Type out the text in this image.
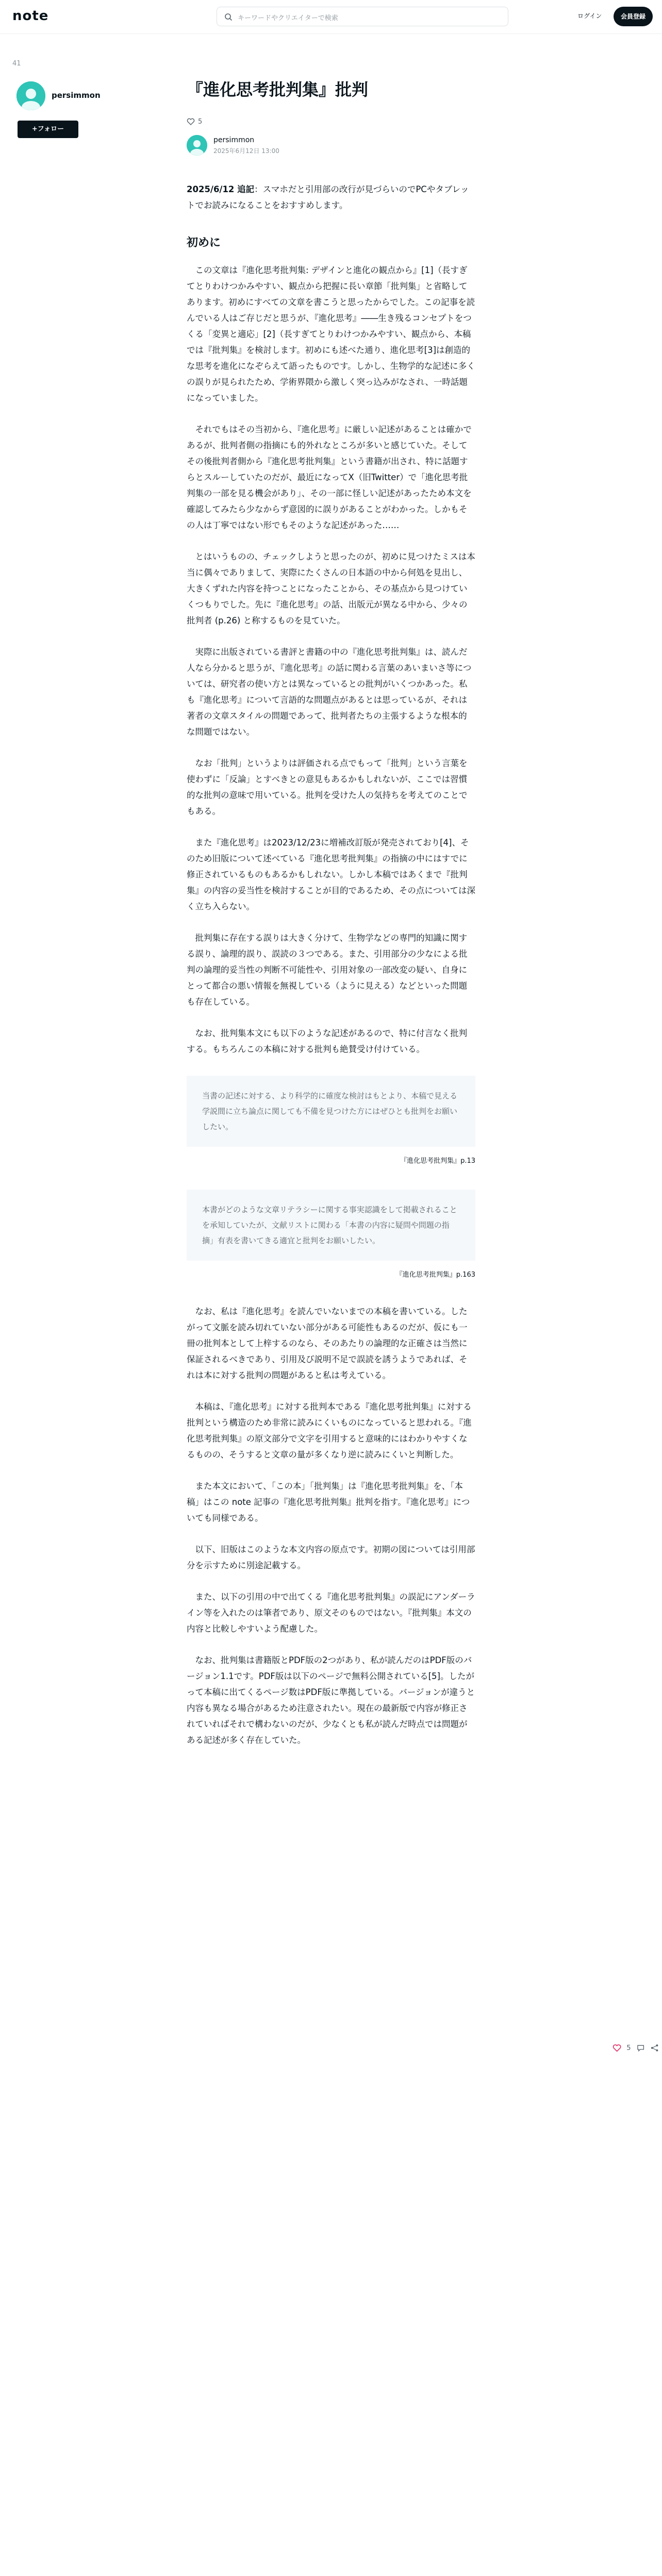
note	キーワードやクリエイターで検索	ログイン	会員登録
41
persimmon
+フォロー
『進化思考批判集』批判
5
persimmon
2025年6月12日 13:00

2025/6/12 追記：スマホだと引用部の改行が見づらいのでPCやタブレットでお読みになることをおすすめします。

初めに

この文章は『進化思考批判集: デザインと進化の観点から』[1]（長すぎてとりわけつかみやすい、観点から把握に長い章節「批判集」と省略してあります。初めにすべての文章を書こうと思ったからでした。この記事を読んでいる人はご存じだと思うが、『進化思考』――生き残るコンセプトをつくる「変異と適応」[2]（長すぎてとりわけつかみやすい、観点から、本稿では『批判集』を検討します。初めにも述べた通り、進化思考[3]は創造的な思考を進化になぞらえて語ったものです。しかし、生物学的な記述に多くの誤りが見られたため、学術界隈から激しく突っ込みがなされ、一時話題になっていました。

それでもはその当初から、『進化思考』に厳しい記述があることは確かであるが、批判者側の指摘にも的外れなところが多いと感じていた。そしてその後批判者側から『進化思考批判集』という書籍が出され、特に話題すらとスルーしていたのだが、最近になってX（旧Twitter）で「進化思考批判集の一部を見る機会があり」、その一部に怪しい記述があったため本文を確認してみたら少なからず意図的に誤りがあることがわかった。しかもその人は丁寧ではない形でもそのような記述があった……

とはいうものの、チェックしようと思ったのが、初めに見つけたミスは本当に偶々でありまして、実際にたくさんの日本語の中から何処を見出し、大きくずれた内容を持つことになったことから、その基点から見つけていくつもりでした。先に『進化思考』の話、出版元が異なる中から、少々の批判者 (p.26) と称するものを見ていた。

実際に出版されている書評と書籍の中の『進化思考批判集』は、読んだ人なら分かると思うが、『進化思考』の話に関わる言葉のあいまいさ等については、研究者の使い方とは異なっているとの批判がいくつかあった。私も『進化思考』について言語的な問題点があるとは思っているが、それは著者の文章スタイルの問題であって、批判者たちの主張するような根本的な問題ではない。

なお「批判」というよりは評価される点でもって「批判」という言葉を使わずに「反論」とすべきとの意見もあるかもしれないが、ここでは習慣的な批判の意味で用いている。批判を受けた人の気持ちを考えてのことでもある。

また『進化思考』は2023/12/23に増補改訂版が発売されており[4]、そのため旧版について述べている『進化思考批判集』の指摘の中にはすでに修正されているものもあるかもしれない。しかし本稿ではあくまで『批判集』の内容の妥当性を検討することが目的であるため、その点については深く立ち入らない。

批判集に存在する誤りは大きく分けて、生物学などの専門的知識に関する誤り、論理的誤り、誤読の３つである。また、引用部分の少なによる批判の論理的妥当性の判断不可能性や、引用対象の一部改変の疑い、自身にとって都合の悪い情報を無視している（ように見える）などといった問題も存在している。

なお、批判集本文にも以下のような記述があるので、特に付言なく批判する。もちろんこの本稿に対する批判も絶賛受け付けている。

当書の記述に対する、より科学的に確度な検討はもとより、本稿で見える学説間に立ち論点に関しても不備を見つけた方にはぜひとも批判をお願いしたい。
『進化思考批判集』p.13
本書がどのような文章リテラシーに関する事実認識をして掲載されることを承知していたが、文献リストに関わる「本書の内容に疑問や問題の指摘」有表を書いてきる適宜と批判をお願いしたい。
『進化思考批判集』p.163

なお、私は『進化思考』を読んでいないまでの本稿を書いている。したがって文脈を読み切れていない部分がある可能性もあるのだが、仮にも一冊の批判本として上梓するのなら、そのあたりの論理的な正確さは当然に保証されるべきであり、引用及び説明不足で誤読を誘うようであれば、それは本に対する批判の問題があると私は考えている。

本稿は、『進化思考』に対する批判本である『進化思考批判集』に対する批判という構造のため非常に読みにくいものになっていると思われる。『進化思考批判集』の原文部分で文字を引用すると意味的にはわかりやすくなるものの、そうすると文章の量が多くなり逆に読みにくいと判断した。

また本文において、「この本」「批判集」は『進化思考批判集』を、「本稿」はこの note 記事の『進化思考批判集』批判を指す。『進化思考』についても同様である。

以下、旧版はこのような本文内容の原点です。初期の図については引用部分を示すために別途記載する。

また、以下の引用の中で出てくる『進化思考批判集』の誤記にアンダーライン等を入れたのは筆者であり、原文そのものではない。『批判集』本文の内容と比較しやすいよう配慮した。

なお、批判集は書籍版とPDF版の2つがあり、私が読んだのはPDF版のバージョン1.1です。PDF版は以下のページで無料公開されている[5]。したがって本稿に出てくるページ数はPDF版に準拠している。バージョンが違うと内容も異なる場合があるため注意されたい。現在の最新版で内容が修正されていればそれで構わないのだが、少なくとも私が読んだ時点では問題がある記述が多く存在していた。

5
